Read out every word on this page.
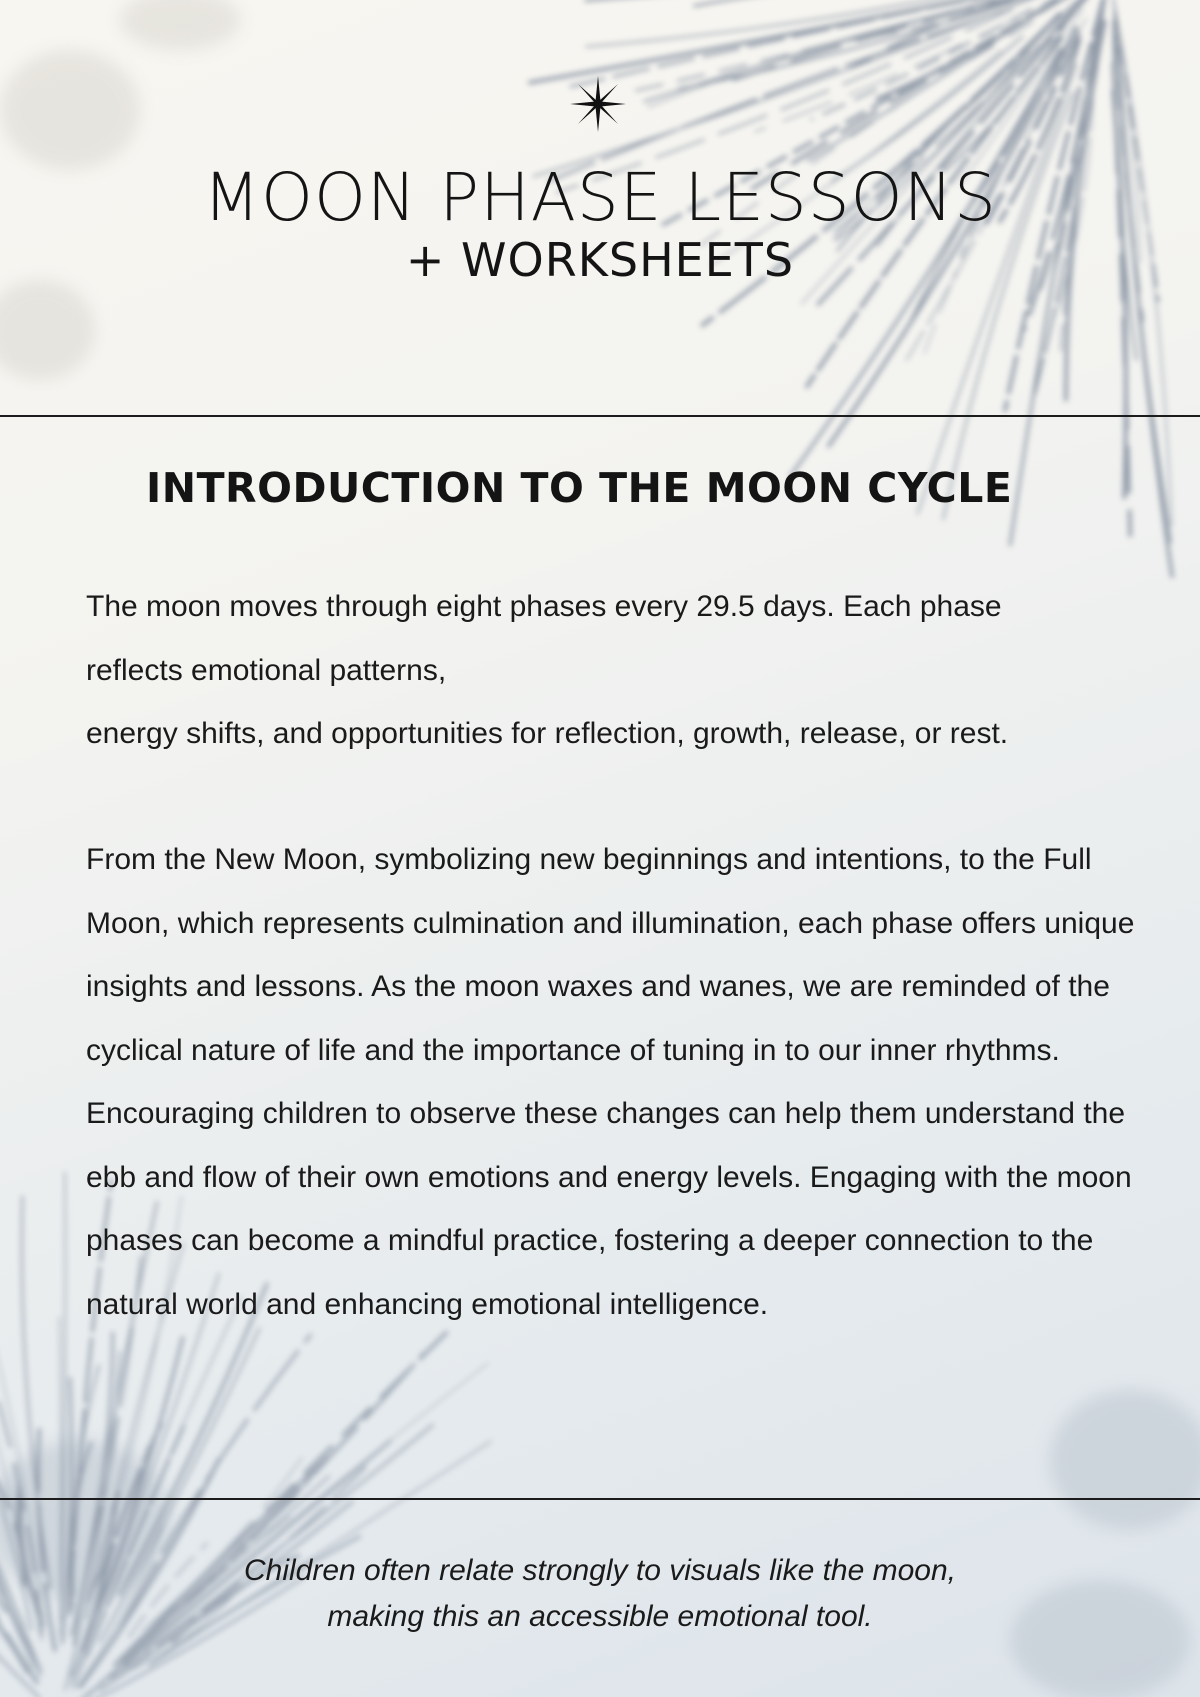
MOON PHASE LESSONS
+ WORKSHEETS
INTRODUCTION TO THE MOON CYCLE
The moon moves through eight phases every 29.5 days. Each phase
reflects emotional patterns,
energy shifts, and opportunities for reflection, growth, release, or rest.

From the New Moon, symbolizing new beginnings and intentions, to the Full Moon, which represents culmination and illumination, each phase offers unique insights and lessons. As the moon waxes and wanes, we are reminded of the cyclical nature of life and the importance of tuning in to our inner rhythms. Encouraging children to observe these changes can help them understand the ebb and flow of their own emotions and energy levels. Engaging with the moon phases can become a mindful practice, fostering a deeper connection to the natural world and enhancing emotional intelligence.

Children often relate strongly to visuals like the moon,
making this an accessible emotional tool.
